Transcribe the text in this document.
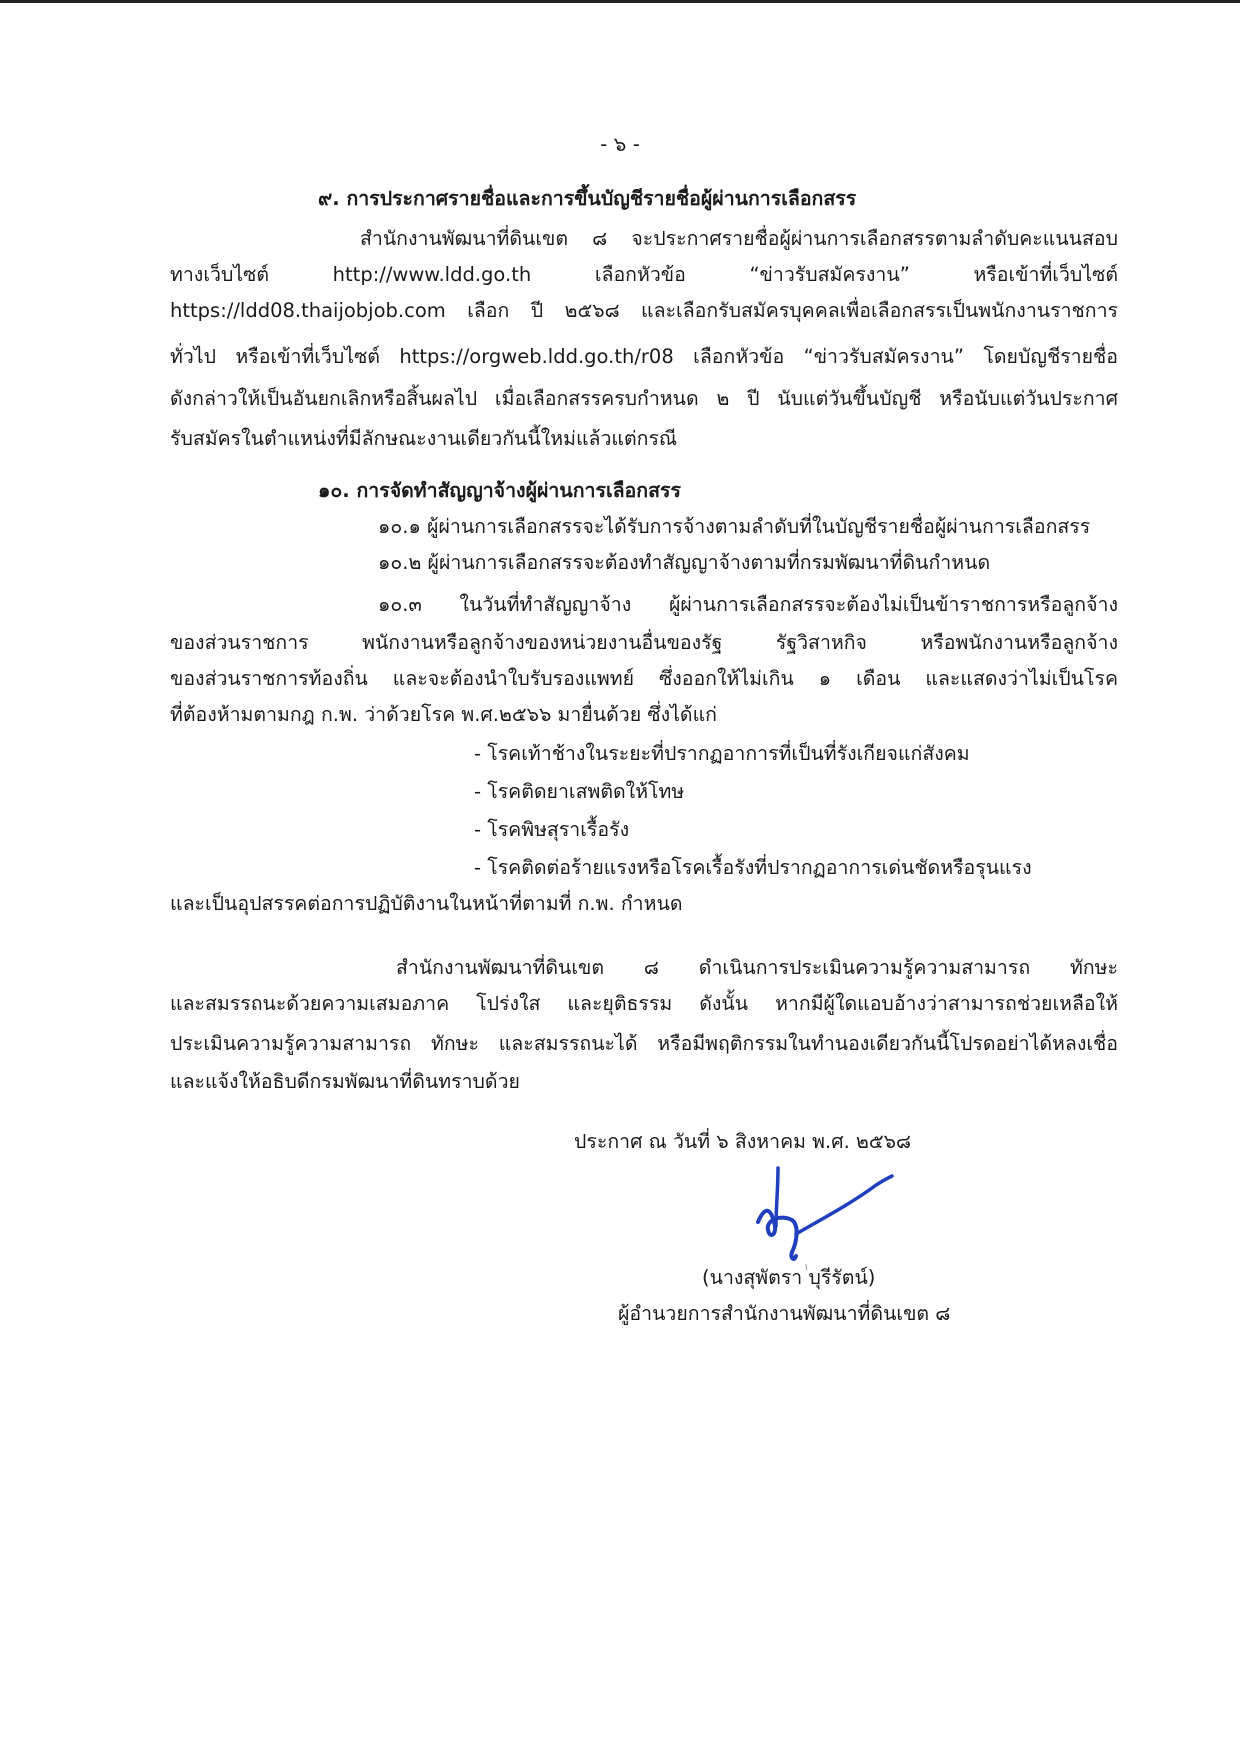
- ๖ -
๙. การประกาศรายชื่อและการขึ้นบัญชีรายชื่อผู้ผ่านการเลือกสรร
สำนักงานพัฒนาที่ดินเขต ๘ จะประกาศรายชื่อผู้ผ่านการเลือกสรรตามลำดับคะแนนสอบ
ทางเว็บไซต์ http://www.ldd.go.th เลือกหัวข้อ “ข่าวรับสมัครงาน” หรือเข้าที่เว็บไซต์
https://ldd08.thaijobjob.com เลือก ปี ๒๕๖๘ และเลือกรับสมัครบุคคลเพื่อเลือกสรรเป็นพนักงานราชการ
ทั่วไป หรือเข้าที่เว็บไซต์ https://orgweb.ldd.go.th/r08 เลือกหัวข้อ “ข่าวรับสมัครงาน” โดยบัญชีรายชื่อ
ดังกล่าวให้เป็นอันยกเลิกหรือสิ้นผลไป เมื่อเลือกสรรครบกำหนด ๒ ปี นับแต่วันขึ้นบัญชี หรือนับแต่วันประกาศ
รับสมัครในตำแหน่งที่มีลักษณะงานเดียวกันนี้ใหม่แล้วแต่กรณี
๑๐. การจัดทำสัญญาจ้างผู้ผ่านการเลือกสรร
๑๐.๑ ผู้ผ่านการเลือกสรรจะได้รับการจ้างตามลำดับที่ในบัญชีรายชื่อผู้ผ่านการเลือกสรร
๑๐.๒ ผู้ผ่านการเลือกสรรจะต้องทำสัญญาจ้างตามที่กรมพัฒนาที่ดินกำหนด
๑๐.๓ ในวันที่ทำสัญญาจ้าง ผู้ผ่านการเลือกสรรจะต้องไม่เป็นข้าราชการหรือลูกจ้าง
ของส่วนราชการ พนักงานหรือลูกจ้างของหน่วยงานอื่นของรัฐ รัฐวิสาหกิจ หรือพนักงานหรือลูกจ้าง
ของส่วนราชการท้องถิ่น และจะต้องนำใบรับรองแพทย์ ซึ่งออกให้ไม่เกิน ๑ เดือน และแสดงว่าไม่เป็นโรค
ที่ต้องห้ามตามกฎ ก.พ. ว่าด้วยโรค พ.ศ.๒๕๖๖ มายื่นด้วย ซึ่งได้แก่
- โรคเท้าช้างในระยะที่ปรากฏอาการที่เป็นที่รังเกียจแก่สังคม
- โรคติดยาเสพติดให้โทษ
- โรคพิษสุราเรื้อรัง
- โรคติดต่อร้ายแรงหรือโรคเรื้อรังที่ปรากฏอาการเด่นชัดหรือรุนแรง
และเป็นอุปสรรคต่อการปฏิบัติงานในหน้าที่ตามที่ ก.พ. กำหนด
สำนักงานพัฒนาที่ดินเขต ๘ ดำเนินการประเมินความรู้ความสามารถ ทักษะ
และสมรรถนะด้วยความเสมอภาค โปร่งใส และยุติธรรม ดังนั้น หากมีผู้ใดแอบอ้างว่าสามารถช่วยเหลือให้
ประเมินความรู้ความสามารถ ทักษะ และสมรรถนะได้ หรือมีพฤติกรรมในทำนองเดียวกันนี้โปรดอย่าได้หลงเชื่อ
และแจ้งให้อธิบดีกรมพัฒนาที่ดินทราบด้วย
ประกาศ ณ วันที่ ๖ สิงหาคม พ.ศ. ๒๕๖๘
(นางสุพัตรา บุรีรัตน์)
ผู้อำนวยการสำนักงานพัฒนาที่ดินเขต ๘
